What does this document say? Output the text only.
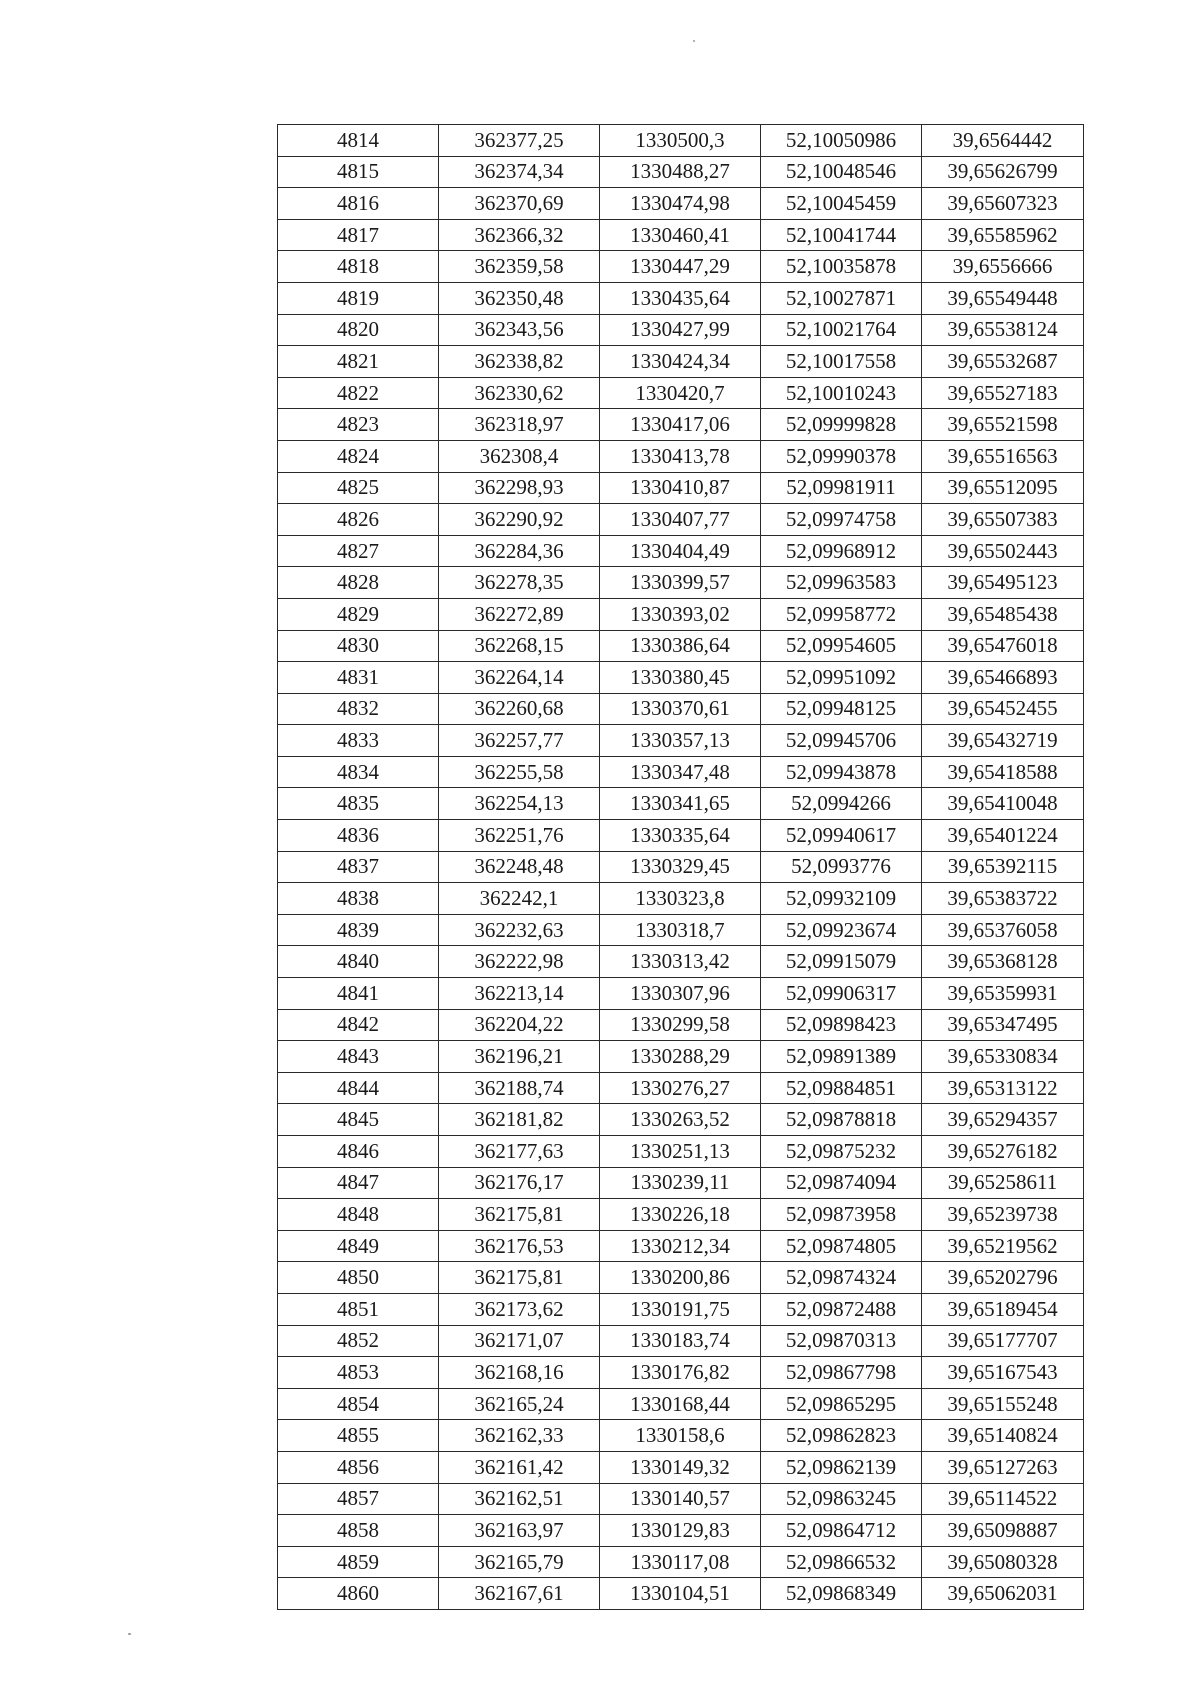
4814	362377,25	1330500,3	52,10050986	39,6564442
4815	362374,34	1330488,27	52,10048546	39,65626799
4816	362370,69	1330474,98	52,10045459	39,65607323
4817	362366,32	1330460,41	52,10041744	39,65585962
4818	362359,58	1330447,29	52,10035878	39,6556666
4819	362350,48	1330435,64	52,10027871	39,65549448
4820	362343,56	1330427,99	52,10021764	39,65538124
4821	362338,82	1330424,34	52,10017558	39,65532687
4822	362330,62	1330420,7	52,10010243	39,65527183
4823	362318,97	1330417,06	52,09999828	39,65521598
4824	362308,4	1330413,78	52,09990378	39,65516563
4825	362298,93	1330410,87	52,09981911	39,65512095
4826	362290,92	1330407,77	52,09974758	39,65507383
4827	362284,36	1330404,49	52,09968912	39,65502443
4828	362278,35	1330399,57	52,09963583	39,65495123
4829	362272,89	1330393,02	52,09958772	39,65485438
4830	362268,15	1330386,64	52,09954605	39,65476018
4831	362264,14	1330380,45	52,09951092	39,65466893
4832	362260,68	1330370,61	52,09948125	39,65452455
4833	362257,77	1330357,13	52,09945706	39,65432719
4834	362255,58	1330347,48	52,09943878	39,65418588
4835	362254,13	1330341,65	52,0994266	39,65410048
4836	362251,76	1330335,64	52,09940617	39,65401224
4837	362248,48	1330329,45	52,0993776	39,65392115
4838	362242,1	1330323,8	52,09932109	39,65383722
4839	362232,63	1330318,7	52,09923674	39,65376058
4840	362222,98	1330313,42	52,09915079	39,65368128
4841	362213,14	1330307,96	52,09906317	39,65359931
4842	362204,22	1330299,58	52,09898423	39,65347495
4843	362196,21	1330288,29	52,09891389	39,65330834
4844	362188,74	1330276,27	52,09884851	39,65313122
4845	362181,82	1330263,52	52,09878818	39,65294357
4846	362177,63	1330251,13	52,09875232	39,65276182
4847	362176,17	1330239,11	52,09874094	39,65258611
4848	362175,81	1330226,18	52,09873958	39,65239738
4849	362176,53	1330212,34	52,09874805	39,65219562
4850	362175,81	1330200,86	52,09874324	39,65202796
4851	362173,62	1330191,75	52,09872488	39,65189454
4852	362171,07	1330183,74	52,09870313	39,65177707
4853	362168,16	1330176,82	52,09867798	39,65167543
4854	362165,24	1330168,44	52,09865295	39,65155248
4855	362162,33	1330158,6	52,09862823	39,65140824
4856	362161,42	1330149,32	52,09862139	39,65127263
4857	362162,51	1330140,57	52,09863245	39,65114522
4858	362163,97	1330129,83	52,09864712	39,65098887
4859	362165,79	1330117,08	52,09866532	39,65080328
4860	362167,61	1330104,51	52,09868349	39,65062031
